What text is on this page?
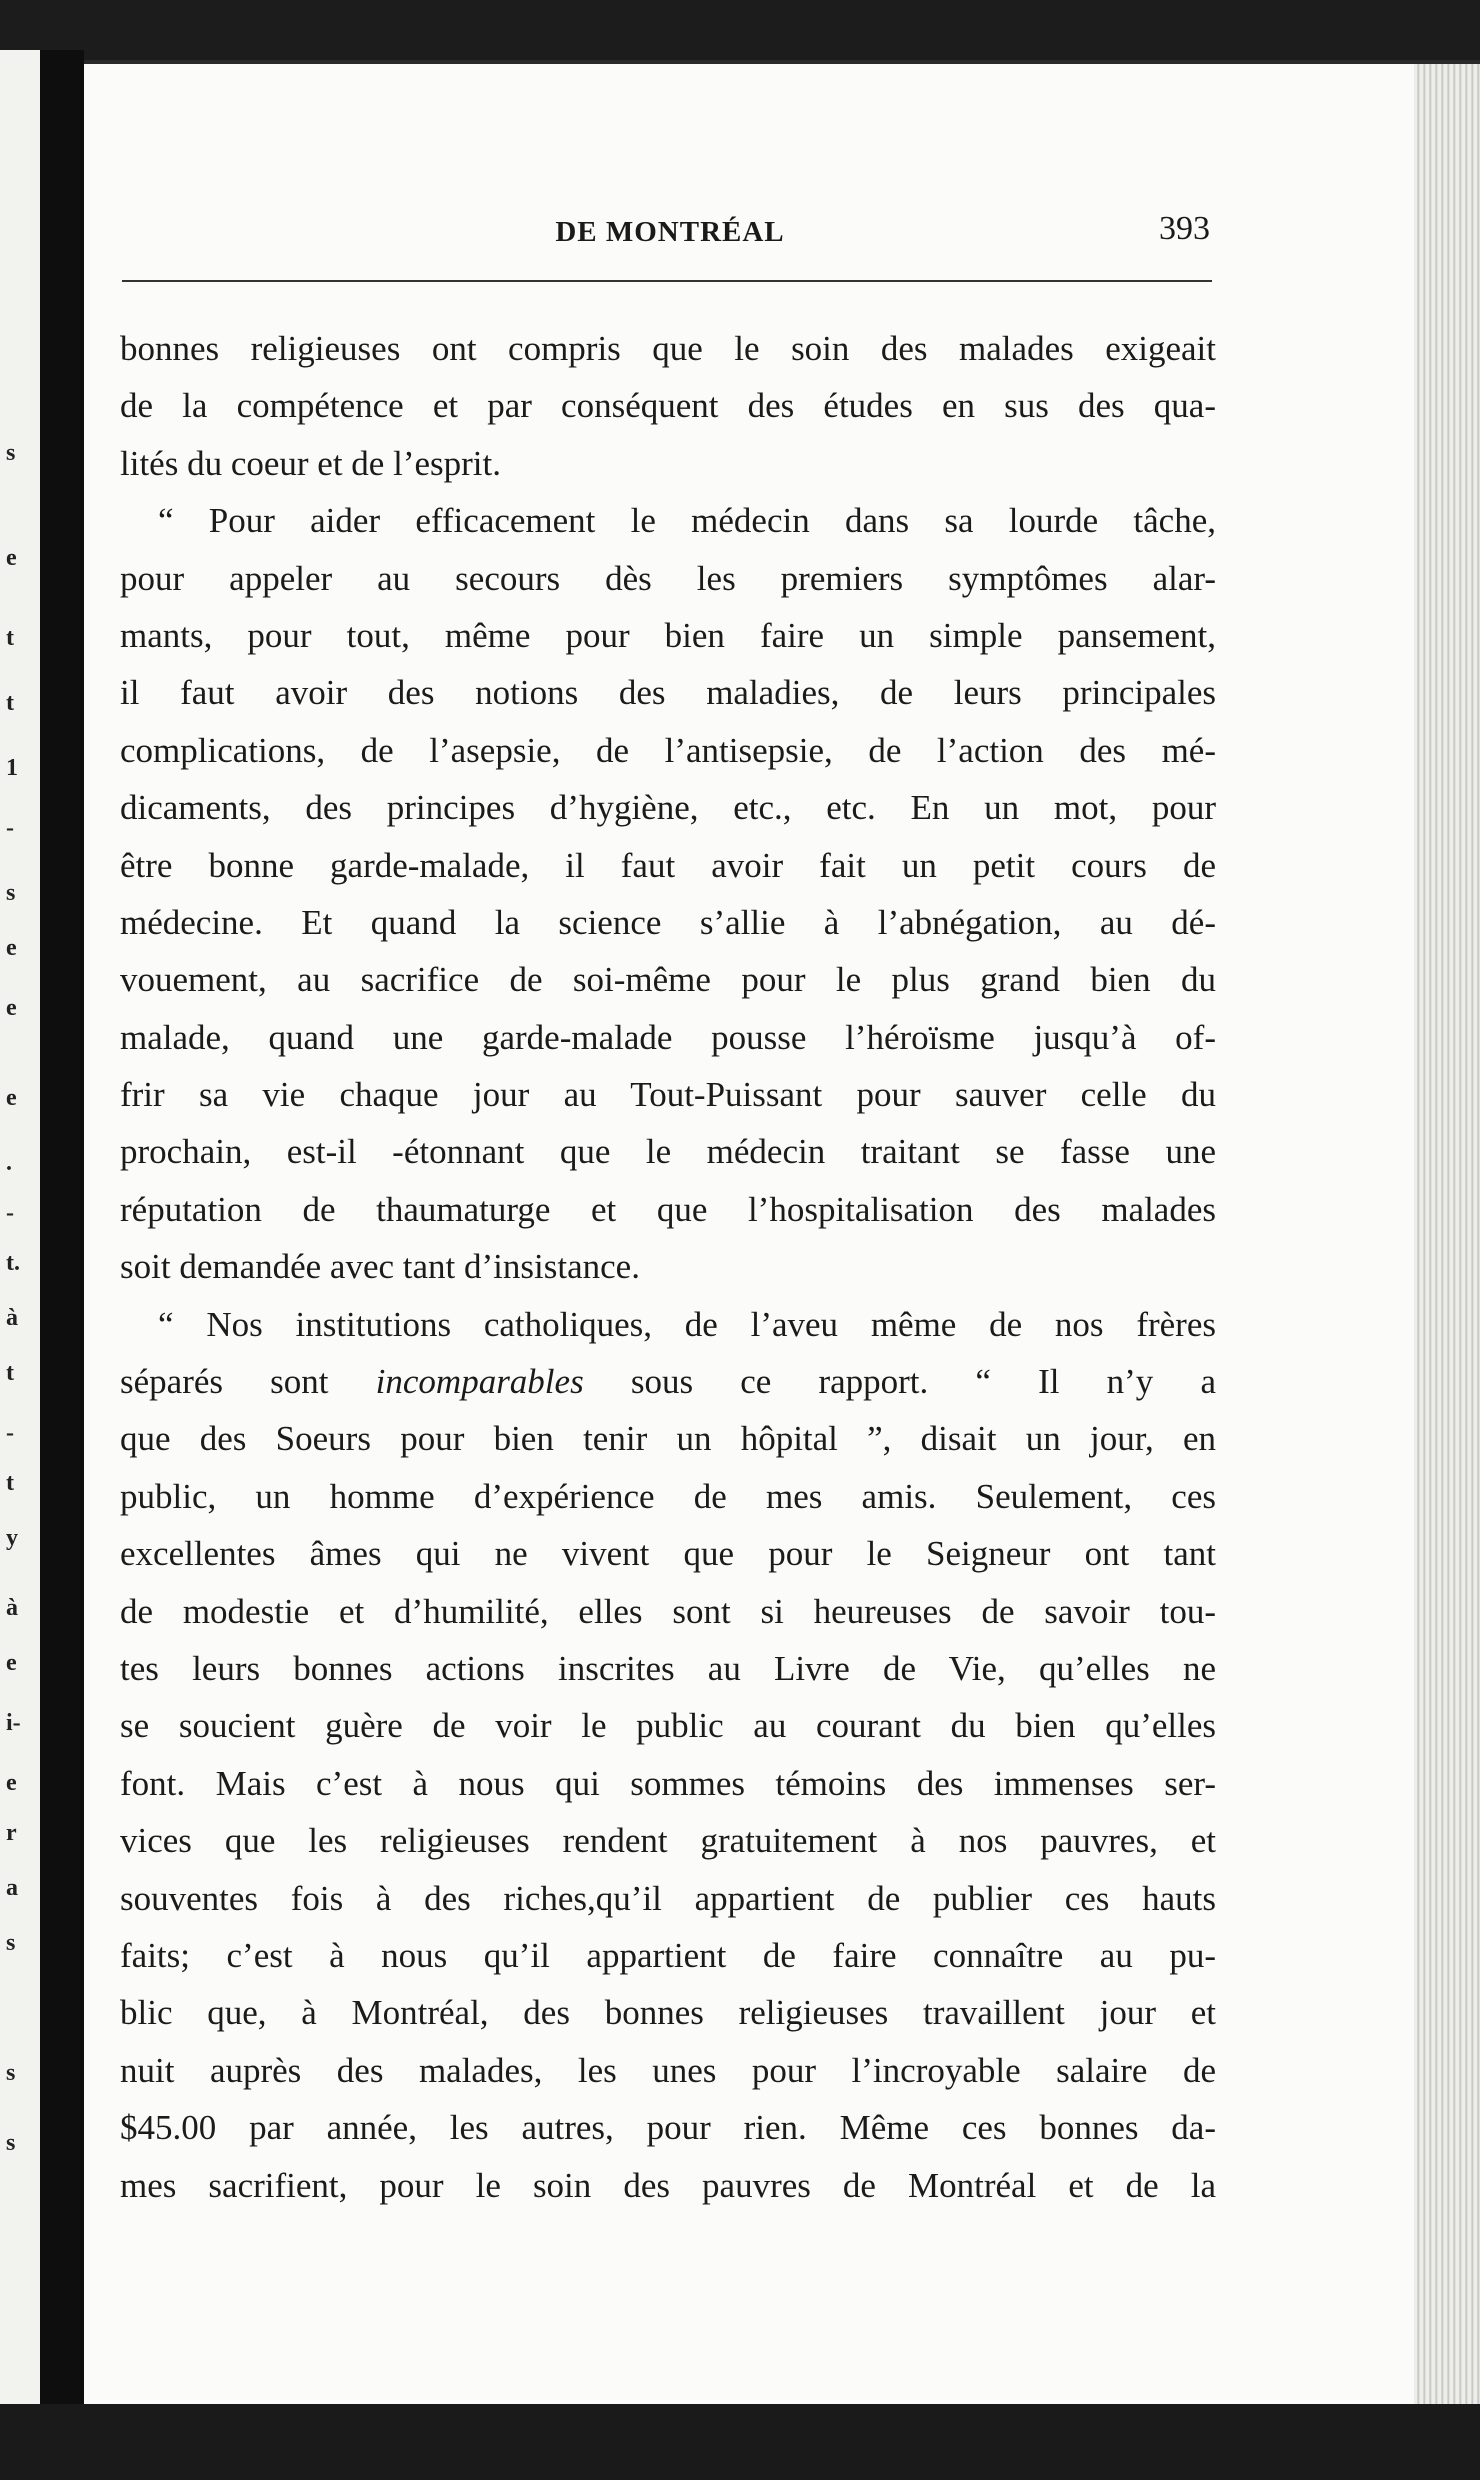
s
e
t
t
1
-
s
e
e
e
.
-
t.
à
t
-
t
y
à
e
i-
e
r
a
s
s
s
DE MONTRÉAL	393
bonnes religieuses ont compris que le soin des malades exigeait
de la compétence et par conséquent des études en sus des qua-
lités du coeur et de l’esprit.
“ Pour aider efficacement le médecin dans sa lourde tâche,
pour appeler au secours dès les premiers symptômes alar-
mants, pour tout, même pour bien faire un simple pansement,
il faut avoir des notions des maladies, de leurs principales
complications, de l’asepsie, de l’antisepsie, de l’action des mé-
dicaments, des principes d’hygiène, etc., etc. En un mot, pour
être bonne garde-malade, il faut avoir fait un petit cours de
médecine. Et quand la science s’allie à l’abnégation, au dé-
vouement, au sacrifice de soi-même pour le plus grand bien du
malade, quand une garde-malade pousse l’héroïsme jusqu’à of-
frir sa vie chaque jour au Tout-Puissant pour sauver celle du
prochain, est-il -étonnant que le médecin traitant se fasse une
réputation de thaumaturge et que l’hospitalisation des malades
soit demandée avec tant d’insistance.
“ Nos institutions catholiques, de l’aveu même de nos frères
séparés sont incomparables sous ce rapport. “ Il n’y a
que des Soeurs pour bien tenir un hôpital ”, disait un jour, en
public, un homme d’expérience de mes amis. Seulement, ces
excellentes âmes qui ne vivent que pour le Seigneur ont tant
de modestie et d’humilité, elles sont si heureuses de savoir tou-
tes leurs bonnes actions inscrites au Livre de Vie, qu’elles ne
se soucient guère de voir le public au courant du bien qu’elles
font. Mais c’est à nous qui sommes témoins des immenses ser-
vices que les religieuses rendent gratuitement à nos pauvres, et
souventes fois à des riches,qu’il appartient de publier ces hauts
faits; c’est à nous qu’il appartient de faire connaître au pu-
blic que, à Montréal, des bonnes religieuses travaillent jour et
nuit auprès des malades, les unes pour l’incroyable salaire de
$45.00 par année, les autres, pour rien. Même ces bonnes da-
mes sacrifient, pour le soin des pauvres de Montréal et de la
